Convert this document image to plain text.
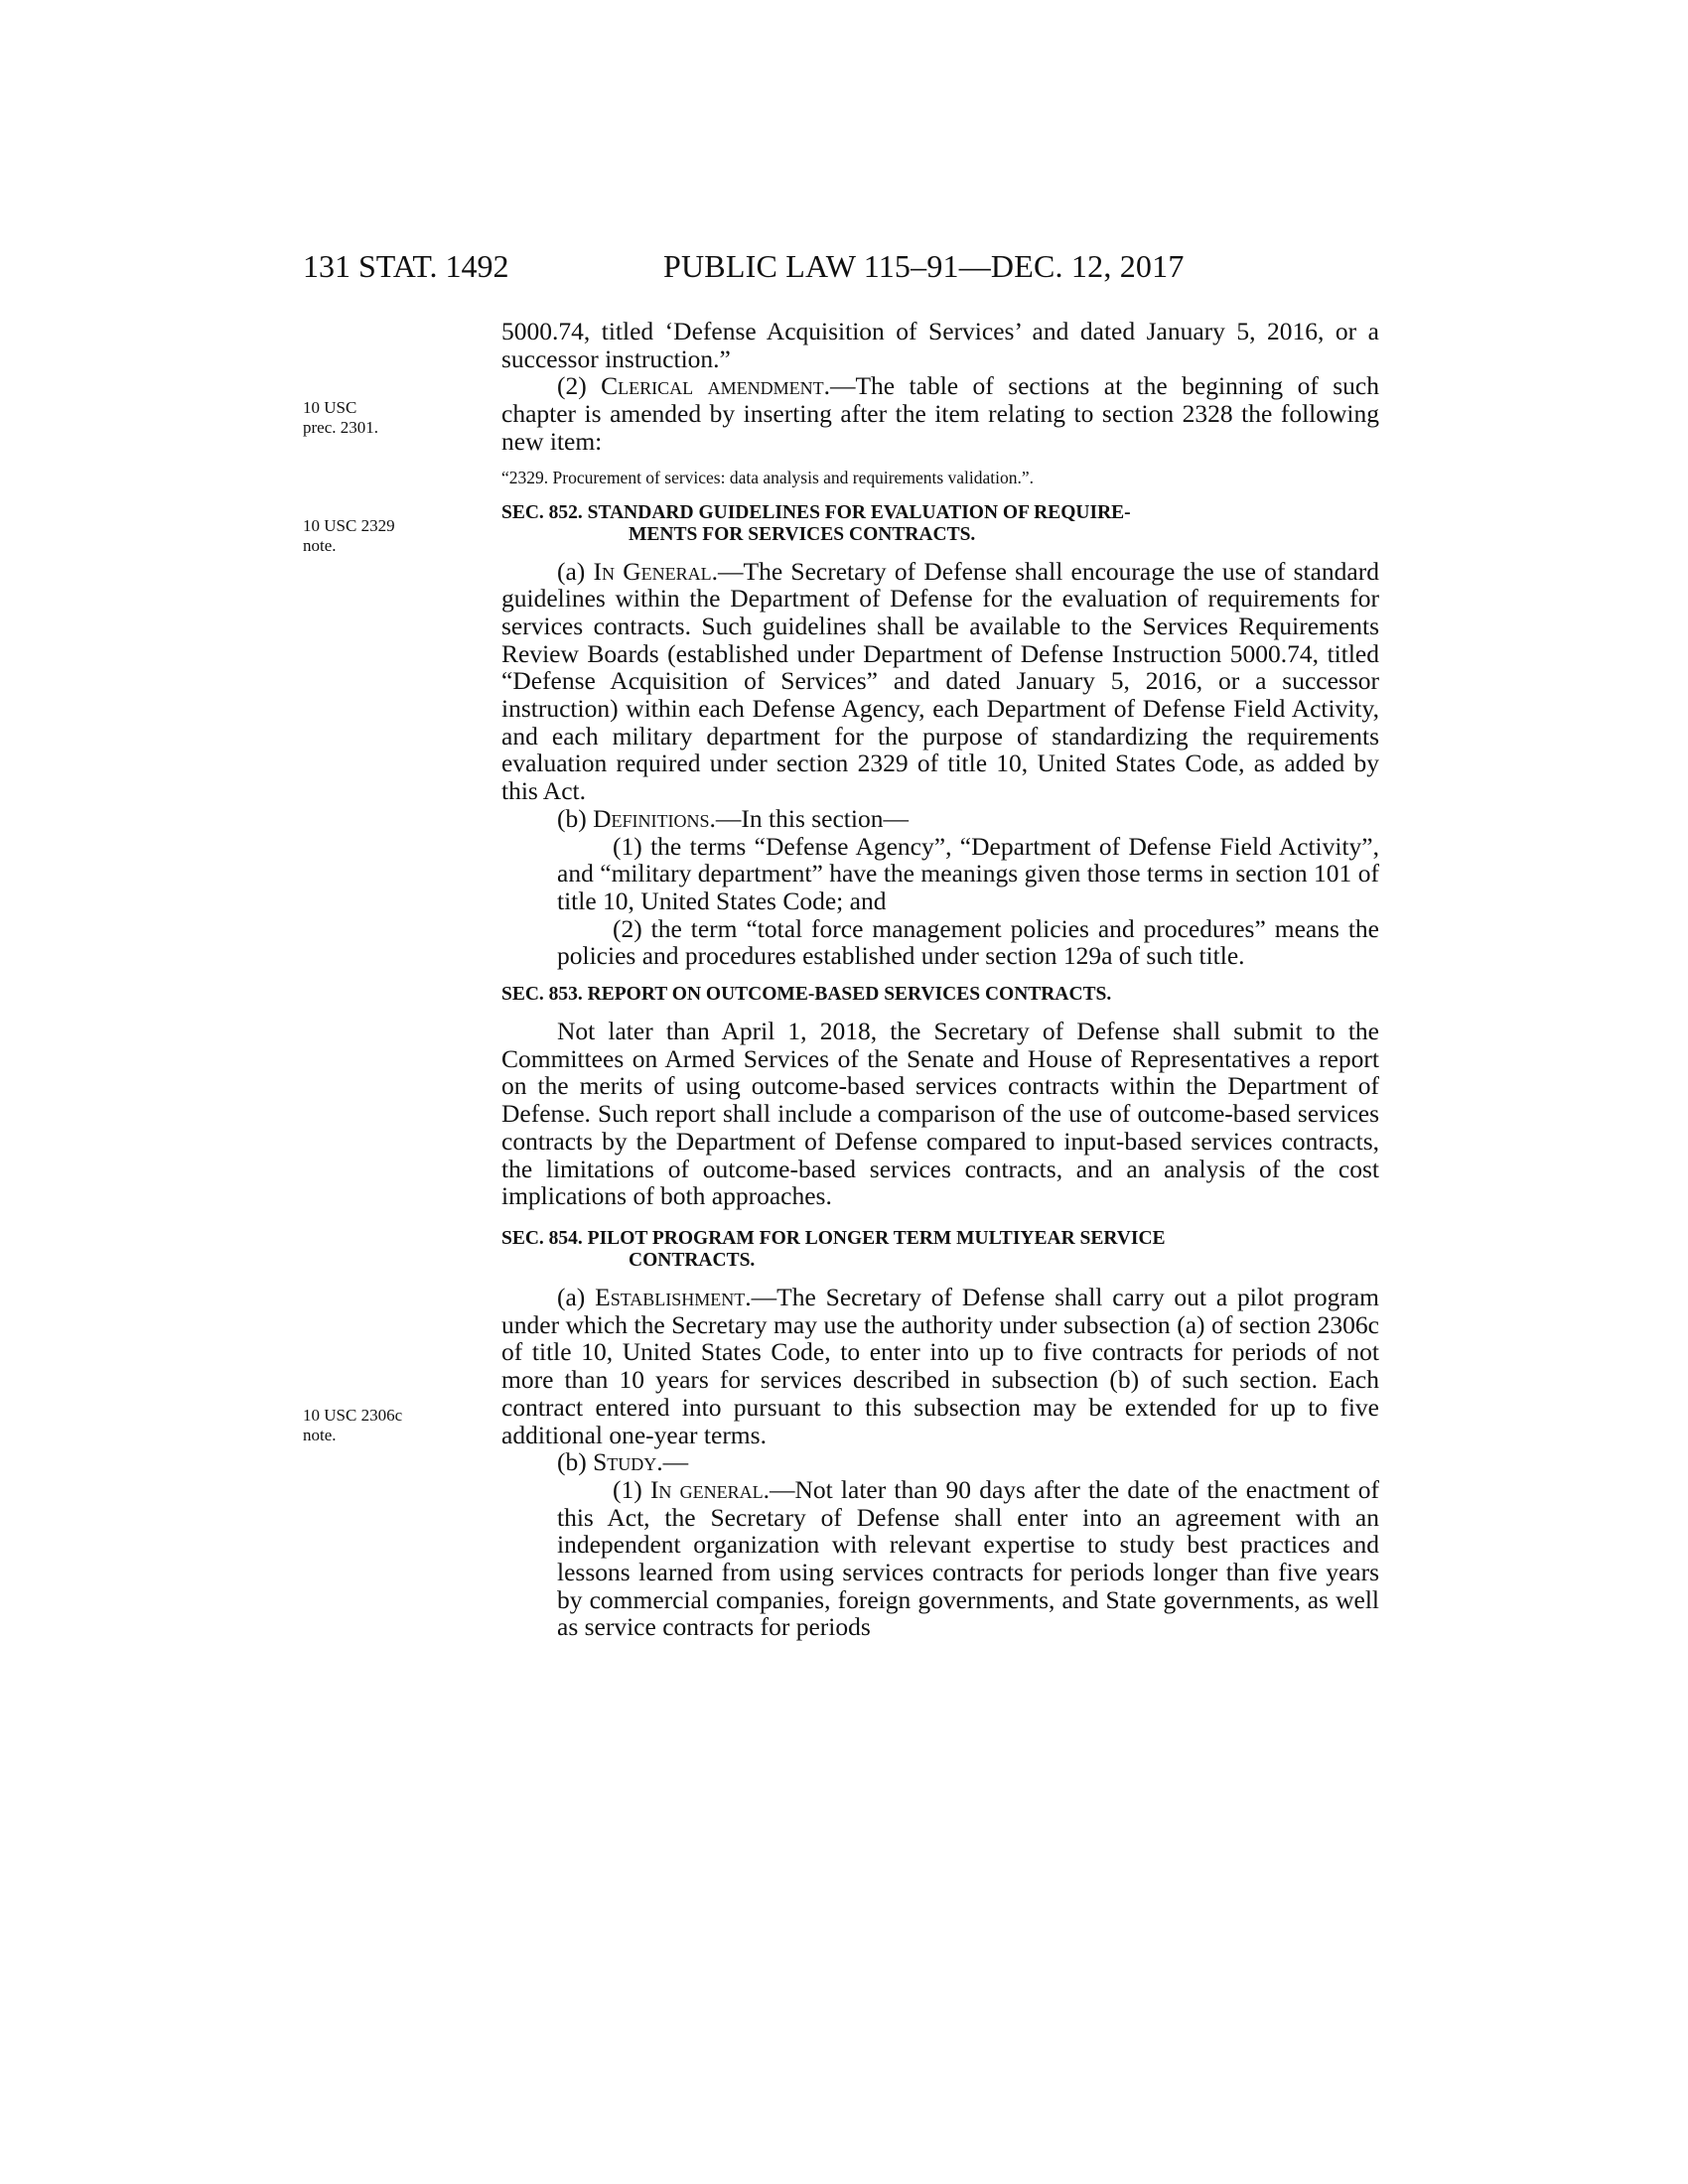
131 STAT. 1492	PUBLIC LAW 115–91—DEC. 12, 2017
10 USC
prec. 2301.
10 USC 2329
note.
10 USC 2306c
note.

5000.74, titled ‘Defense Acquisition of Services’ and dated January 5, 2016, or a successor instruction.”

(2) Clerical amendment.—The table of sections at the beginning of such chapter is amended by inserting after the item relating to section 2328 the following new item:

“2329. Procurement of services: data analysis and requirements validation.”.

SEC. 852. STANDARD GUIDELINES FOR EVALUATION OF REQUIRE-
MENTS FOR SERVICES CONTRACTS.

(a) In General.—The Secretary of Defense shall encourage the use of standard guidelines within the Department of Defense for the evaluation of requirements for services contracts. Such guidelines shall be available to the Services Requirements Review Boards (established under Department of Defense Instruction 5000.74, titled “Defense Acquisition of Services” and dated January 5, 2016, or a successor instruction) within each Defense Agency, each Department of Defense Field Activity, and each military department for the purpose of standardizing the requirements evaluation required under section 2329 of title 10, United States Code, as added by this Act.

(b) Definitions.—In this section—

(1) the terms “Defense Agency”, “Department of Defense Field Activity”, and “military department” have the meanings given those terms in section 101 of title 10, United States Code; and

(2) the term “total force management policies and procedures” means the policies and procedures established under section 129a of such title.

SEC. 853. REPORT ON OUTCOME-BASED SERVICES CONTRACTS.

Not later than April 1, 2018, the Secretary of Defense shall submit to the Committees on Armed Services of the Senate and House of Representatives a report on the merits of using outcome-based services contracts within the Department of Defense. Such report shall include a comparison of the use of outcome-based services contracts by the Department of Defense compared to input-based services contracts, the limitations of outcome-based services contracts, and an analysis of the cost implications of both approaches.

SEC. 854. PILOT PROGRAM FOR LONGER TERM MULTIYEAR SERVICE
CONTRACTS.

(a) Establishment.—The Secretary of Defense shall carry out a pilot program under which the Secretary may use the authority under subsection (a) of section 2306c of title 10, United States Code, to enter into up to five contracts for periods of not more than 10 years for services described in subsection (b) of such section. Each contract entered into pursuant to this subsection may be extended for up to five additional one-year terms.

(b) Study.—

(1) In general.—Not later than 90 days after the date of the enactment of this Act, the Secretary of Defense shall enter into an agreement with an independent organization with relevant expertise to study best practices and lessons learned from using services contracts for periods longer than five years by commercial companies, foreign governments, and State governments, as well as service contracts for periods
